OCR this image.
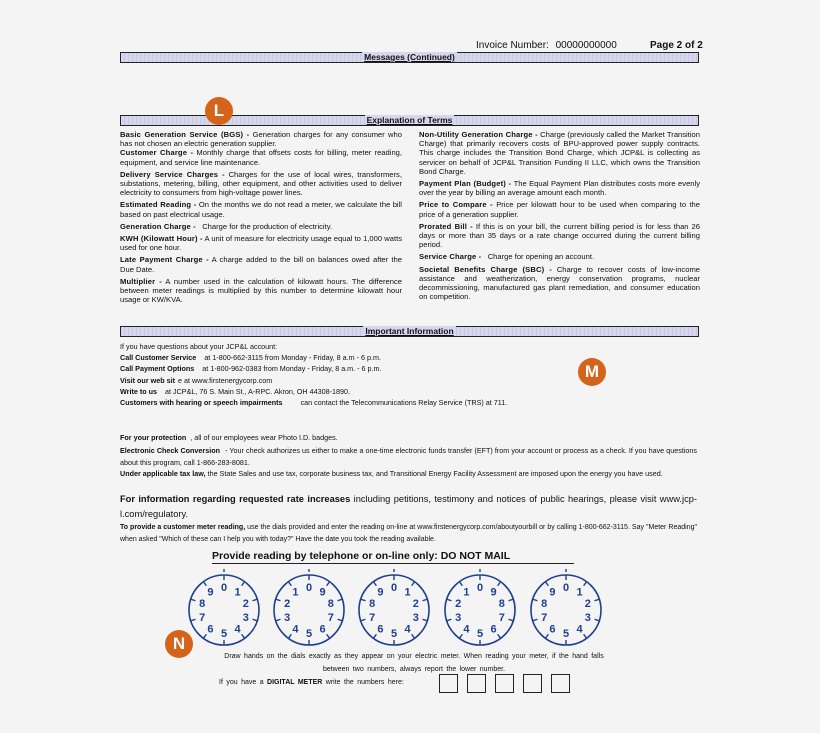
Invoice Number: 00000000000	Page 2 of 2
Messages (Continued)
Explanation of Terms
L
Basic Generation Service (BGS) - Generation charges for any consumer who has not chosen an electric generation supplier.
Customer Charge - Monthly charge that offsets costs for billing, meter reading, equipment, and service line maintenance.
Delivery Service Charges - Charges for the use of local wires, transformers, substations, metering, billing, other equipment, and other activities used to deliver electricity to consumers from high-voltage power lines.
Estimated Reading - On the months we do not read a meter, we calculate the bill based on past electrical usage.
Generation Charge - Charge for the production of electricity.
KWH (Kilowatt Hour) - A unit of measure for electricity usage equal to 1,000 watts used for one hour.
Late Payment Charge - A charge added to the bill on balances owed after the Due Date.
Multiplier - A number used in the calculation of kilowatt hours. The difference between meter readings is multiplied by this number to determine kilowatt hour usage or KW/KVA.
Non-Utility Generation Charge - Charge (previously called the Market Transition Charge) that primarily recovers costs of BPU-approved power supply contracts. This charge includes the Transition Bond Charge, which JCP&L is collecting as servicer on behalf of JCP&L Transition Funding II LLC, which owns the Transition Bond Charge.
Payment Plan (Budget) - The Equal Payment Plan distributes costs more evenly over the year by billing an average amount each month.
Price to Compare - Price per kilowatt hour to be used when comparing to the price of a generation supplier.
Prorated Bill - If this is on your bill, the current billing period is for less than 26 days or more than 35 days or a rate change occurred during the current billing period.
Service Charge - Charge for opening an account.
Societal Benefits Charge (SBC) - Charge to recover costs of low-income assistance and weatherization, energy conservation programs, nuclear decommissioning, manufactured gas plant remediation, and consumer education on competition.
Important Information
If you have questions about your JCP&L account:
Call Customer Service at 1-800-662-3115 from Monday - Friday, 8 a.m - 6 p.m.
Call Payment Options at 1-800-962-0383 from Monday - Friday, 8 a.m. - 6 p.m.
Visit our web sit e at www.firstenergycorp.com
Write to us at JCP&L, 76 S. Main St., A-RPC. Akron, OH 44308-1890.
Customers with hearing or speech impairments	can contact the Telecommunications Relay Service (TRS) at 711.
M
For your protection , all of our employees wear Photo I.D. badges.
Electronic Check Conversion - Your check authorizes us either to make a one-time electronic funds transfer (EFT) from your account or process as a check. If you have questions about this program, call 1-866-283-8081.
Under applicable tax law, the State Sales and use tax, corporate business tax, and Transitional Energy Facility Assessment are imposed upon the energy you have used.
For information regarding requested rate increases including petitions, testimony and notices of public hearings, please visit www.jcp-l.com/regulatory.
To provide a customer meter reading, use the dials provided and enter the reading on-line at www.firstenergycorp.com/aboutyourbill or by calling 1-800-662-3115. Say "Meter Reading" when asked "Which of these can I help you with today?" Have the date you took the reading available.
Provide reading by telephone or on-line only: DO NOT MAIL
0 1
2
3
4
5
6
7
8
9	0
1
2
3
4 5 6
7
8
9	0 1
2
3
4
5
6
7
8
9	0
1
2
3
4 5 6
7
8
9	0 1
2
3
4
5
6
7
8
9
N
Draw hands on the dials exactly as they appear on your electric meter. When reading your meter, if the hand falls
between two numbers, always report the lower number.
If you have a DIGITAL METER write the numbers here:
